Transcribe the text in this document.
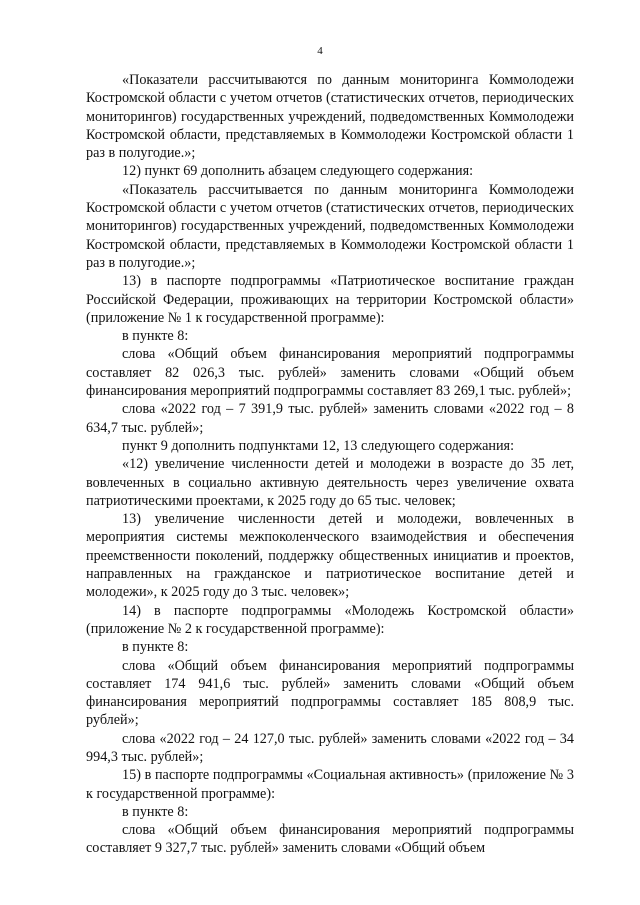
4

«Показатели рассчитываются по данным мониторинга Коммолодежи Костромской области с учетом отчетов (статистических отчетов, периодических мониторингов) государственных учреждений, подведомственных Коммолодежи Костромской области, представляемых в Коммолодежи Костромской области 1 раз в полугодие.»;

12) пункт 69 дополнить абзацем следующего содержания:

«Показатель рассчитывается по данным мониторинга Коммолодежи Костромской области с учетом отчетов (статистических отчетов, периодических мониторингов) государственных учреждений, подведомственных Коммолодежи Костромской области, представляемых в Коммолодежи Костромской области 1 раз в полугодие.»;

13) в паспорте подпрограммы «Патриотическое воспитание граждан Российской Федерации, проживающих на территории Костромской области» (приложение № 1 к государственной программе):

в пункте 8:

слова «Общий объем финансирования мероприятий подпрограммы составляет 82 026,3 тыс. рублей» заменить словами «Общий объем финансирования мероприятий подпрограммы составляет 83 269,1 тыс. рублей»;

слова «2022 год – 7 391,9 тыс. рублей» заменить словами «2022 год – 8 634,7 тыс. рублей»;

пункт 9 дополнить подпунктами 12, 13 следующего содержания:

«12) увеличение численности детей и молодежи в возрасте до 35 лет, вовлеченных в социально активную деятельность через увеличение охвата патриотическими проектами, к 2025 году до 65 тыс. человек;

13) увеличение численности детей и молодежи, вовлеченных в мероприятия системы межпоколенческого взаимодействия и обеспечения преемственности поколений, поддержку общественных инициатив и проектов, направленных на гражданское и патриотическое воспитание детей и молодежи», к 2025 году до 3 тыс. человек»;

14) в паспорте подпрограммы «Молодежь Костромской области» (приложение № 2 к государственной программе):

в пункте 8:

слова «Общий объем финансирования мероприятий подпрограммы составляет 174 941,6 тыс. рублей» заменить словами «Общий объем финансирования мероприятий подпрограммы составляет 185 808,9 тыс. рублей»;

слова «2022 год – 24 127,0 тыс. рублей» заменить словами «2022 год – 34 994,3 тыс. рублей»;

15) в паспорте подпрограммы «Социальная активность» (приложение № 3 к государственной программе):

в пункте 8:

слова «Общий объем финансирования мероприятий подпрограммы составляет 9 327,7 тыс. рублей» заменить словами «Общий объем
